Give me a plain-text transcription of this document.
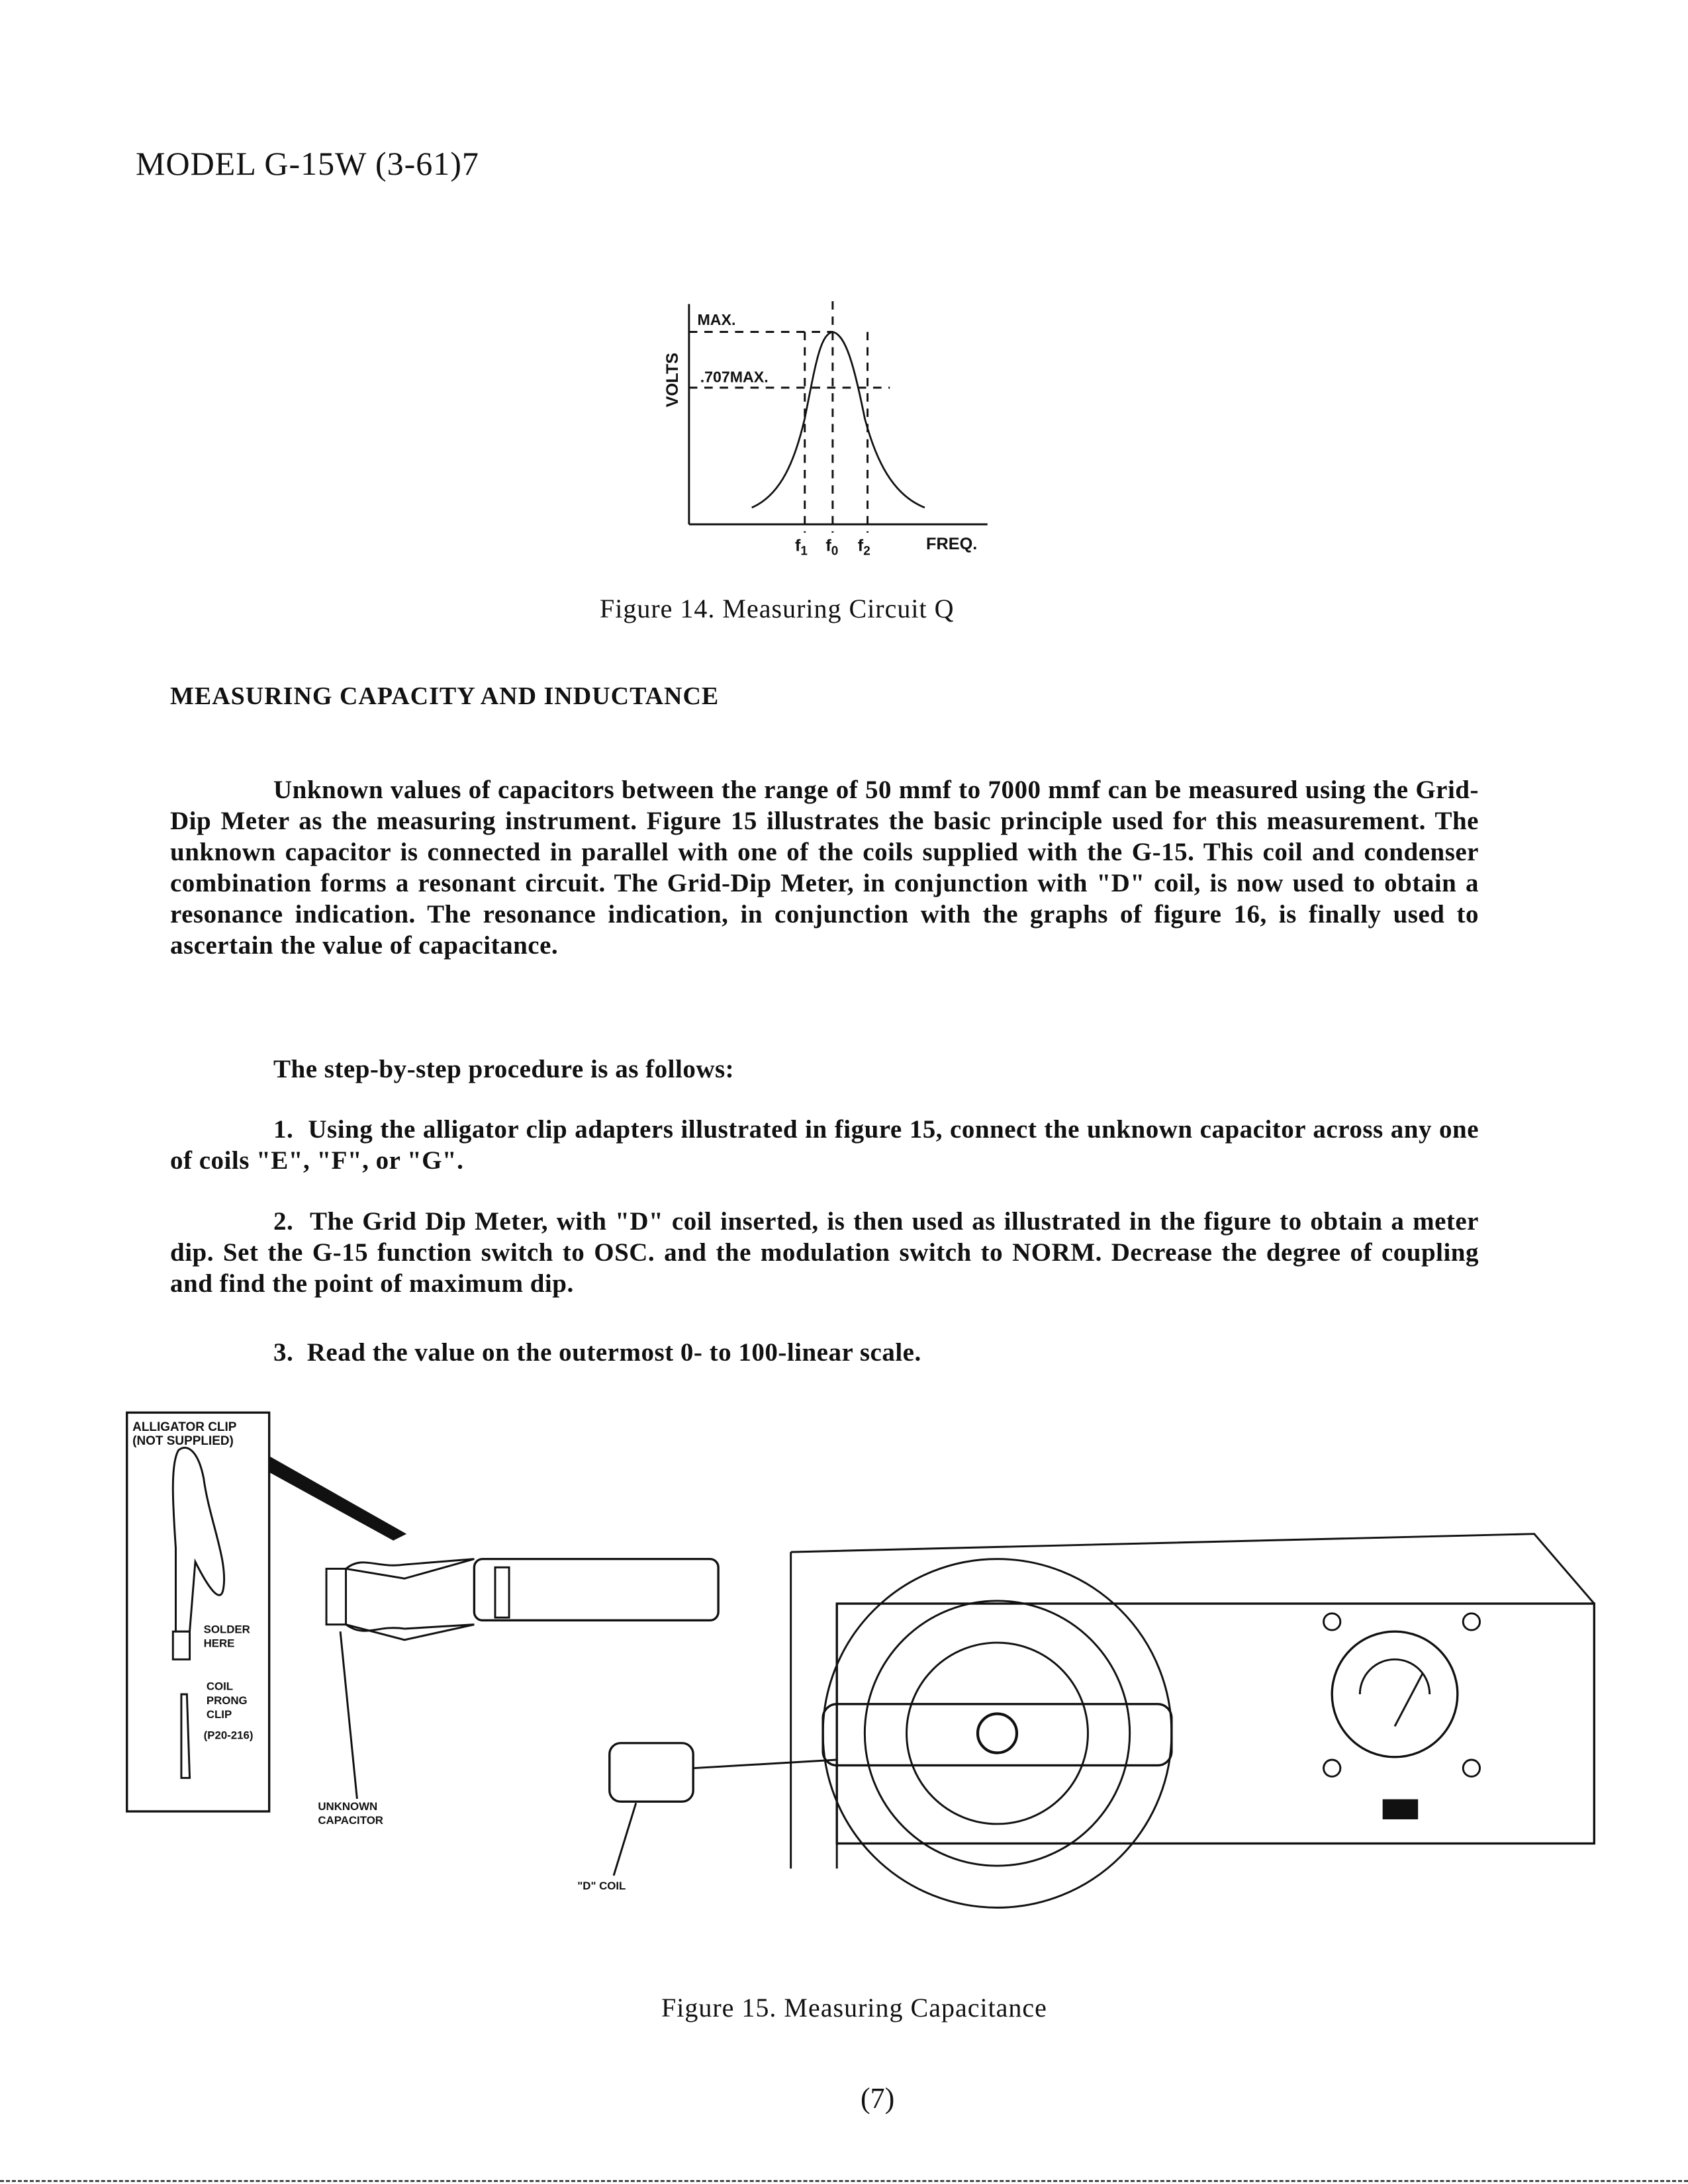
MODEL G-15W (3-61)7
MAX.
.707MAX.
VOLTS
FREQ.
$f_1$ $f_0$ $f_2$
ALLIGATOR CLIP
(NOT SUPPLIED)
SOLDER
HERE
COIL
PRONG
CLIP
(P20-216)
UNKNOWN
CAPACITOR
"D" COIL
Figure 14. Measuring Circuit Q
MEASURING CAPACITY AND INDUCTANCE
Unknown values of capacitors between the range of 50 mmf to 7000 mmf can be measured using the Grid-Dip Meter as the measuring instrument. Figure 15 illustrates the basic principle used for this measurement. The unknown capacitor is connected in parallel with one of the coils supplied with the G-15. This coil and condenser combination forms a resonant circuit. The Grid-Dip Meter, in conjunction with "D" coil, is now used to obtain a resonance indication. The resonance indication, in conjunction with the graphs of figure 16, is finally used to ascertain the value of capacitance.
The step-by-step procedure is as follows:
1. Using the alligator clip adapters illustrated in figure 15, connect the unknown capacitor across any one of coils "E", "F", or "G".
2. The Grid Dip Meter, with "D" coil inserted, is then used as illustrated in the figure to obtain a meter dip. Set the G-15 function switch to OSC. and the modulation switch to NORM. Decrease the degree of coupling and find the point of maximum dip.
3. Read the value on the outermost 0- to 100-linear scale.
Figure 15. Measuring Capacitance
(7)
